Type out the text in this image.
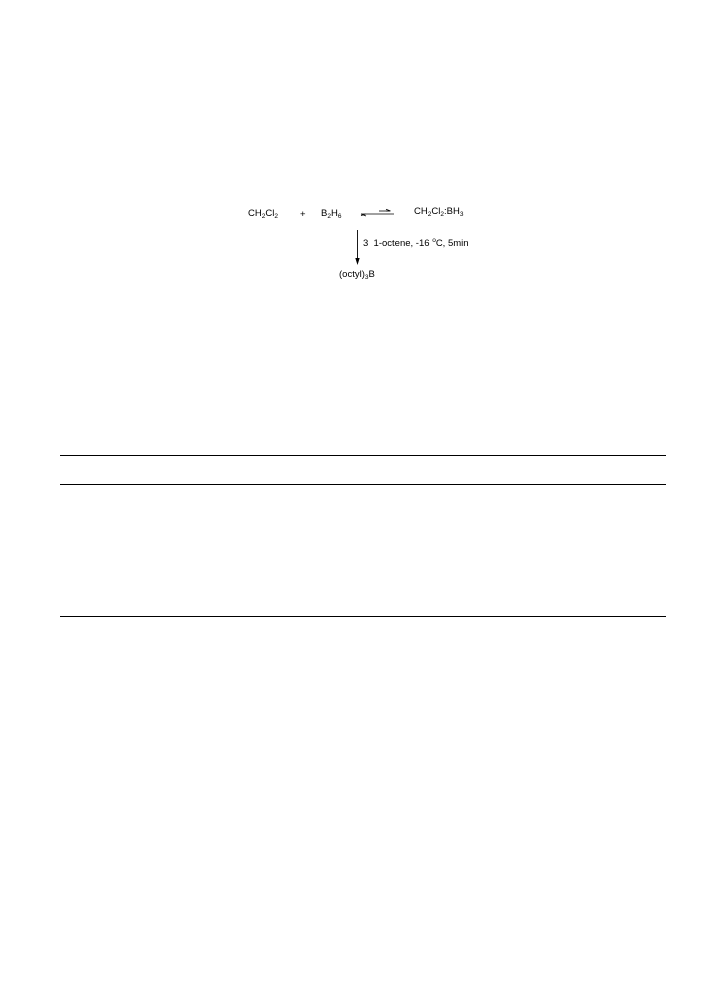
$CH_2Cl_2 + B_2H_6$	$CH_2Cl_2:BH_3$
3  1-octene, -16 $^o$C, 5min
$(octyl)_3B$
